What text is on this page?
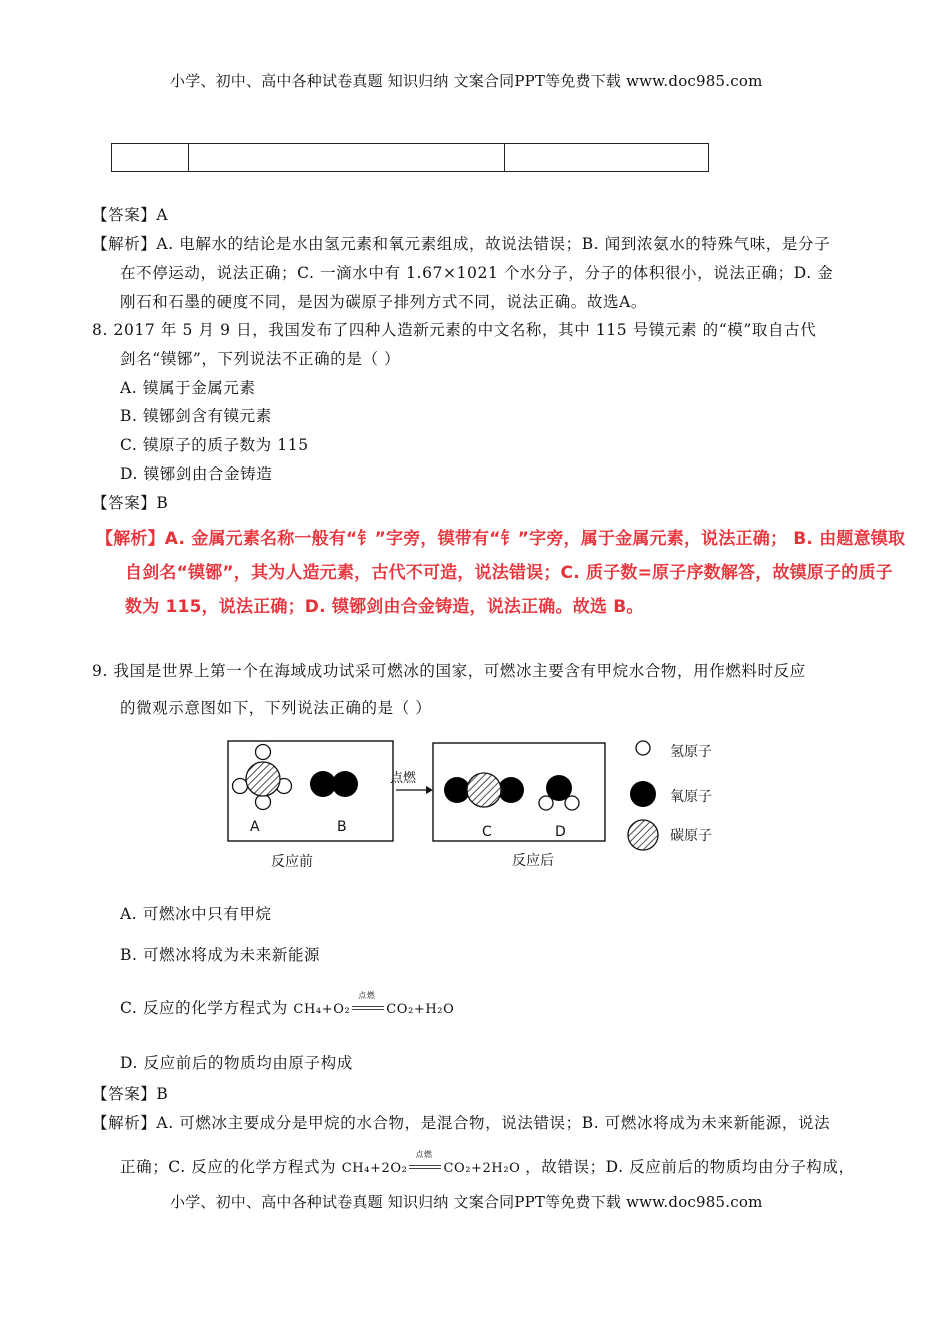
小学、初中、高中各种试卷真题 知识归纳 文案合同PPT等免费下载 www.doc985.com

【答案】A
【解析】A. 电解水的结论是水由氢元素和氧元素组成，故说法错误；B. 闻到浓氨水的特殊气味，是分子
在不停运动，说法正确；C. 一滴水中有 1.67×1021 个水分子，分子的体积很小，说法正确；D. 金
刚石和石墨的硬度不同，是因为碳原子排列方式不同，说法正确。故选A。
8. 2017 年 5 月 9 日，我国发布了四种人造新元素的中文名称，其中 115 号镆元素 的“模”取自古代
剑名“镆铘”，下列说法不正确的是（ ）
A. 镆属于金属元素
B. 镆铘剑含有镆元素
C. 镆原子的质子数为 115
D. 镆铘剑由合金铸造
【答案】B
【解析】A. 金属元素名称一般有“钅”字旁，镆带有“钅”字旁，属于金属元素，说法正确； B. 由题意镆取
自剑名“镆铘”，其为人造元素，古代不可造，说法错误；C. 质子数=原子序数解答，故镆原子的质子
数为 115，说法正确；D. 镆铘剑由合金铸造，说法正确。故选 B。
9. 我国是世界上第一个在海域成功试采可燃冰的国家，可燃冰主要含有甲烷水合物，用作燃料时反应
的微观示意图如下，下列说法正确的是（ ）
点燃
A	B	C	D
反应前	反应后
氢原子
氧原子
碳原子
A. 可燃冰中只有甲烷
B. 可燃冰将成为未来新能源
C. 反应的化学方程式为 CH₄+O₂
点燃
CO₂+H₂O
D. 反应前后的物质均由原子构成
【答案】B
【解析】A. 可燃冰主要成分是甲烷的水合物，是混合物，说法错误；B. 可燃冰将成为未来新能源，说法
正确；C. 反应的化学方程式为 CH₄+2O₂
点燃
CO₂+2H₂O ，故错误；D. 反应前后的物质均由分子构成，
小学、初中、高中各种试卷真题 知识归纳 文案合同PPT等免费下载 www.doc985.com
